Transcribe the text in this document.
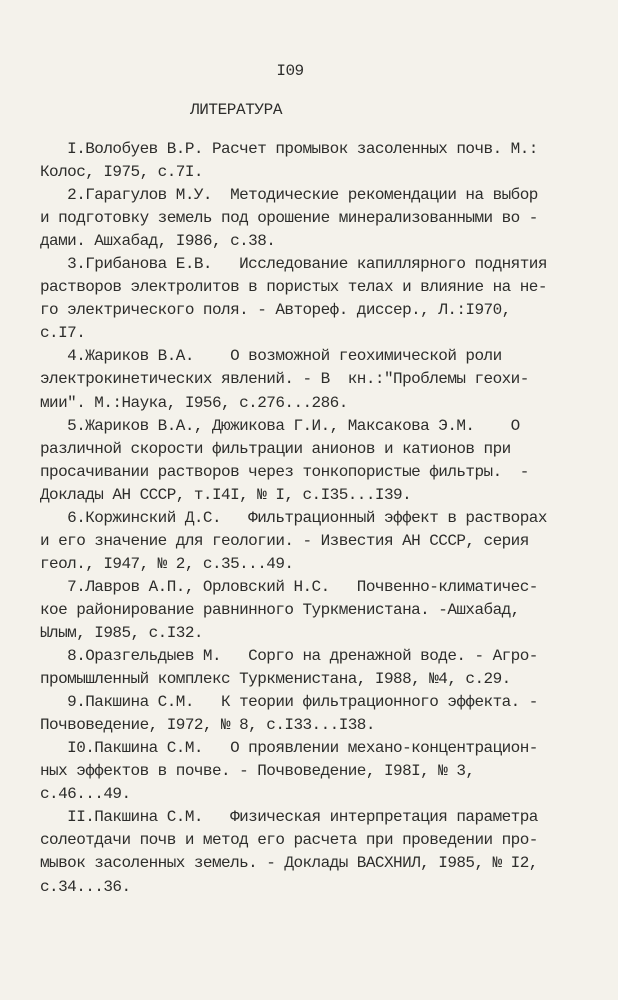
I09
ЛИТЕРАТУРА
I.Волобуев В.Р. Расчет промывок засоленных почв. М.:
Колос, I975, с.7I.
2.Гарагулов М.У.  Методические рекомендации на выбор
и подготовку земель под орошение минерализованными во -
дами. Ашхабад, I986, с.38.
3.Грибанова Е.В.   Исследование капиллярного поднятия
растворов электролитов в пористых телах и влияние на не-
го электрического поля. - Автореф. диссер., Л.:I970,
с.I7.
4.Жариков В.А.    О возможной геохимической роли
электрокинетических явлений. - В  кн.:"Проблемы геохи-
мии". М.:Наука, I956, с.276...286.
5.Жариков В.А., Дюжикова Г.И., Максакова Э.М.    О
различной скорости фильтрации анионов и катионов при
просачивании растворов через тонкопористые фильтры.  -
Доклады АН СССР, т.I4I, № I, с.I35...I39.
6.Коржинский Д.С.   Фильтрационный эффект в растворах
и его значение для геологии. - Известия АН СССР, серия
геол., I947, № 2, с.35...49.
7.Лавров А.П., Орловский Н.С.   Почвенно-климатичес-
кое районирование равнинного Туркменистана. -Ашхабад,
Ылым, I985, с.I32.
8.Оразгельдыев М.   Сорго на дренажной воде. - Агро-
промышленный комплекс Туркменистана, I988, №4, с.29.
9.Пакшина С.М.   К теории фильтрационного эффекта. -
Почвоведение, I972, № 8, с.I33...I38.
I0.Пакшина С.М.   О проявлении механо-концентрацион-
ных эффектов в почве. - Почвоведение, I98I, № 3,
с.46...49.
II.Пакшина С.М.   Физическая интерпретация параметра
солеотдачи почв и метод его расчета при проведении про-
мывок засоленных земель. - Доклады ВАСХНИЛ, I985, № I2,
с.34...36.
